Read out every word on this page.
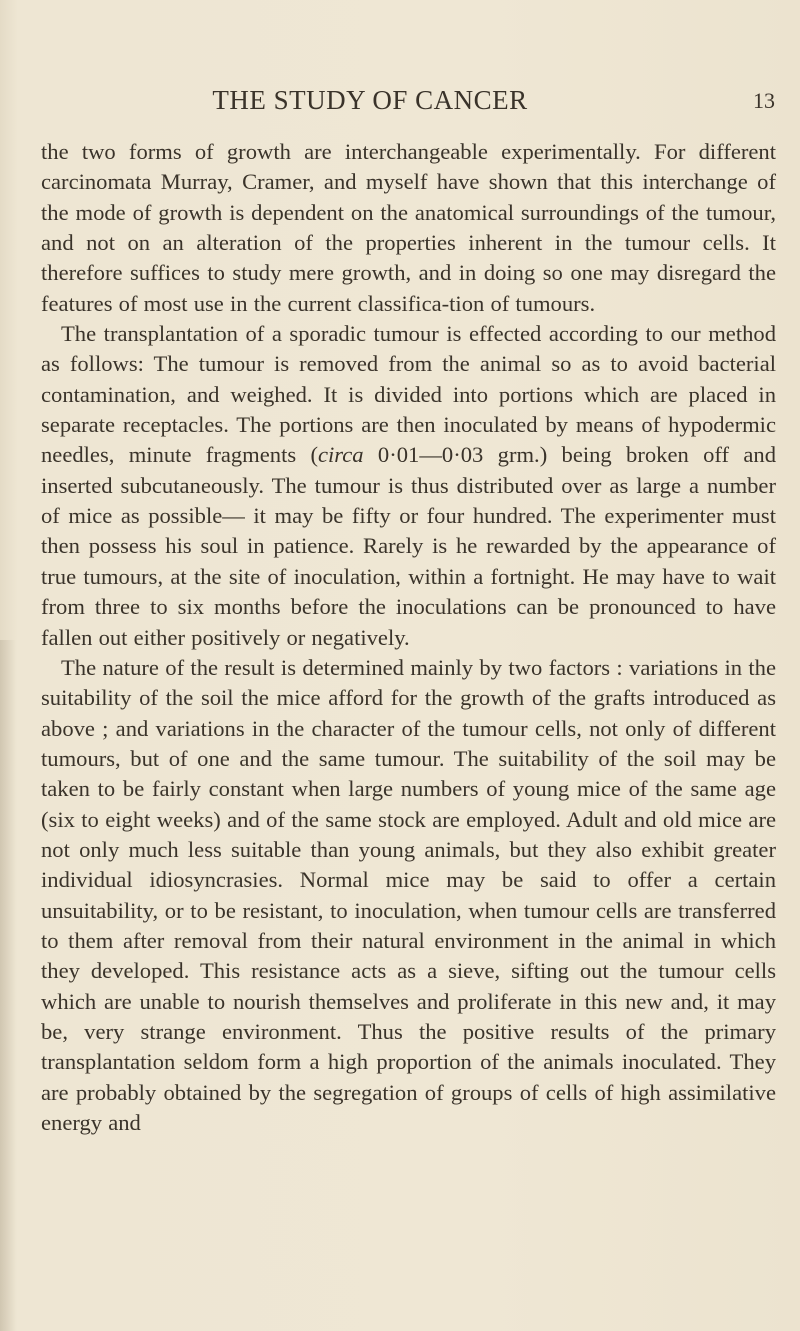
THE STUDY OF CANCER	13

the two forms of growth are interchangeable experimentally. For different carcinomata Murray, Cramer, and myself have shown that this interchange of the mode of growth is dependent on the anatomical surroundings of the tumour, and not on an alteration of the properties inherent in the tumour cells. It therefore suffices to study mere growth, and in doing so one may disregard the features of most use in the current classifica-tion of tumours.

The transplantation of a sporadic tumour is effected according to our method as follows: The tumour is removed from the animal so as to avoid bacterial contamination, and weighed. It is divided into portions which are placed in separate receptacles. The portions are then inoculated by means of hypodermic needles, minute fragments (circa 0·01—0·03 grm.) being broken off and inserted subcutaneously. The tumour is thus distributed over as large a number of mice as possible— it may be fifty or four hundred. The experimenter must then possess his soul in patience. Rarely is he rewarded by the appearance of true tumours, at the site of inoculation, within a fortnight. He may have to wait from three to six months before the inoculations can be pronounced to have fallen out either positively or negatively.

The nature of the result is determined mainly by two factors : variations in the suitability of the soil the mice afford for the growth of the grafts introduced as above ; and variations in the character of the tumour cells, not only of different tumours, but of one and the same tumour. The suitability of the soil may be taken to be fairly constant when large numbers of young mice of the same age (six to eight weeks) and of the same stock are employed. Adult and old mice are not only much less suitable than young animals, but they also exhibit greater individual idiosyncrasies. Normal mice may be said to offer a certain unsuitability, or to be resistant, to inoculation, when tumour cells are transferred to them after removal from their natural environment in the animal in which they developed. This resistance acts as a sieve, sifting out the tumour cells which are unable to nourish themselves and proliferate in this new and, it may be, very strange environment. Thus the positive results of the primary transplantation seldom form a high proportion of the animals inoculated. They are probably obtained by the segregation of groups of cells of high assimilative energy and
